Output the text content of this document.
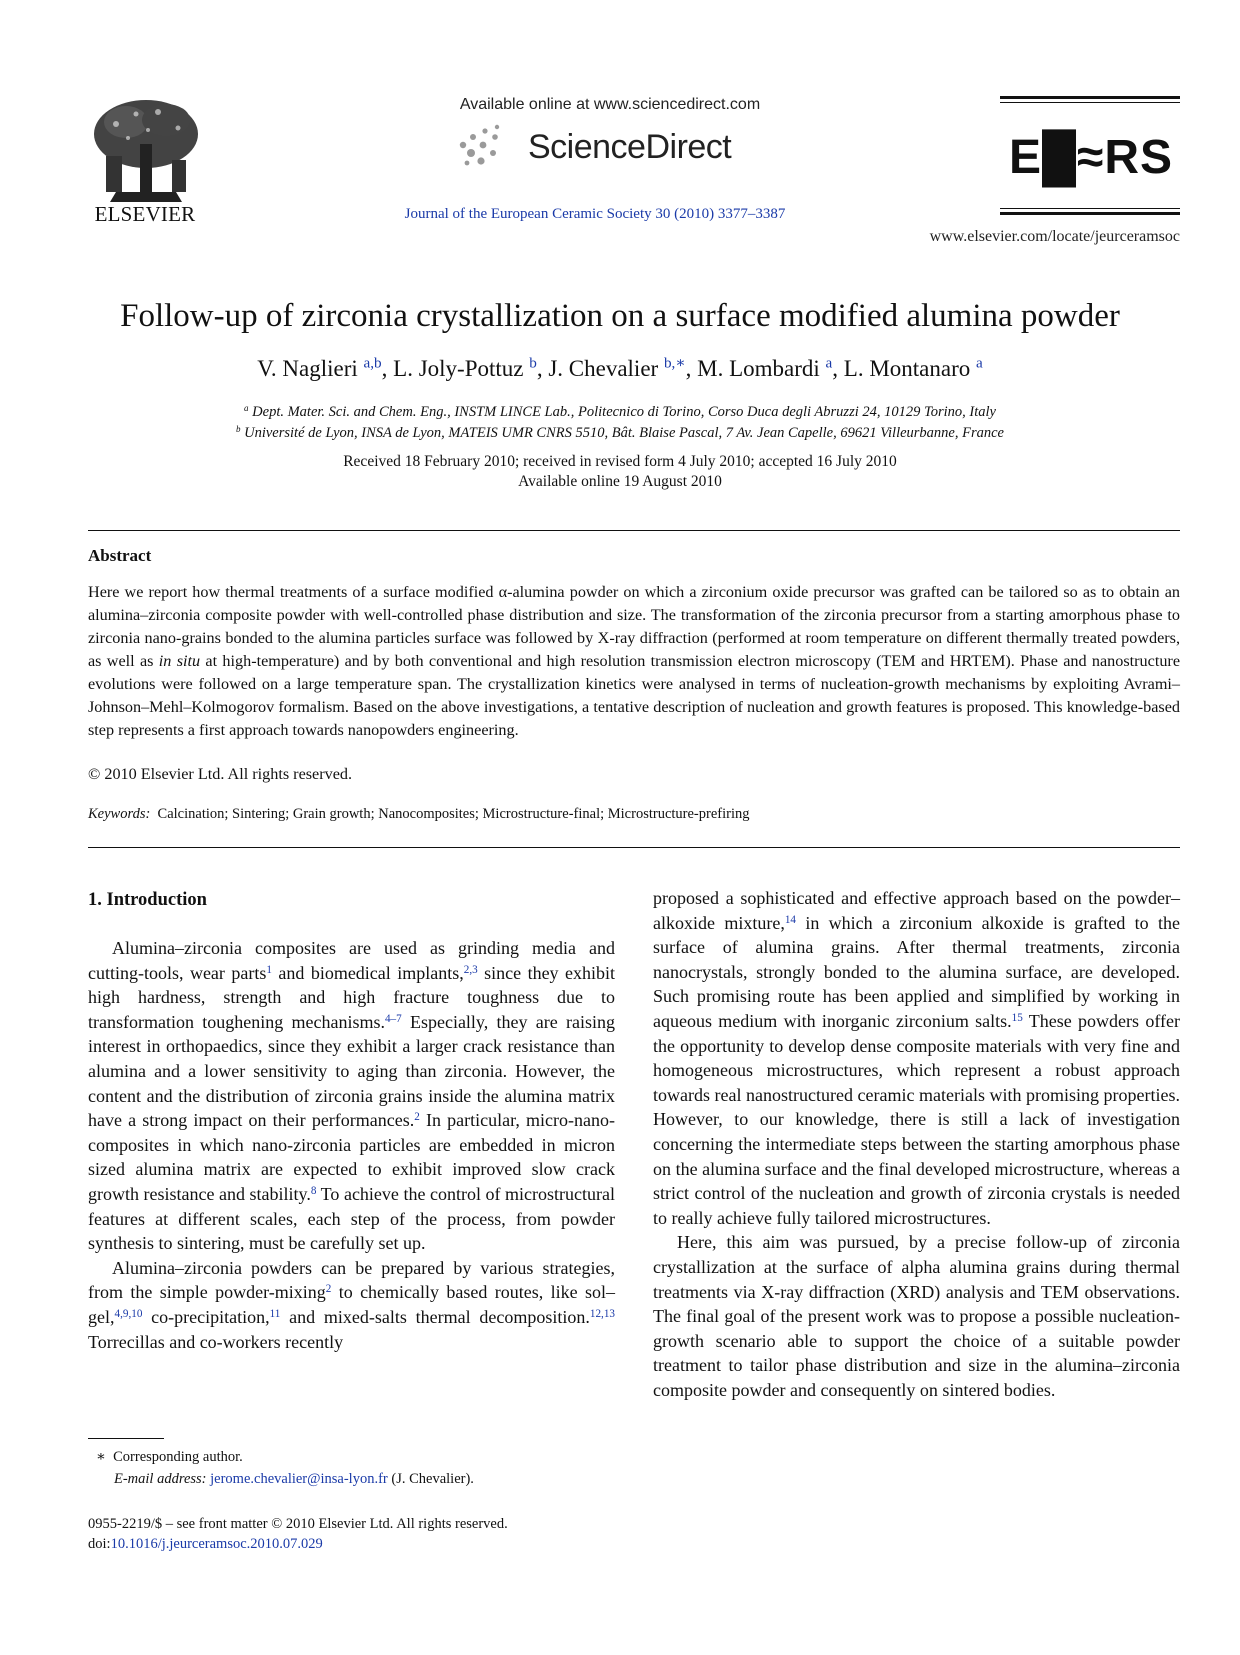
ELSEVIER
Available online at www.sciencedirect.com
ScienceDirect
Journal of the European Ceramic Society 30 (2010) 3377–3387
E█≈RS
www.elsevier.com/locate/jeurceramsoc
Follow-up of zirconia crystallization on a surface modified alumina powder
V. Naglieri $^{a,b}$, L. Joly-Pottuz $^b$, J. Chevalier $^{b,∗}$, M. Lombardi $^a$, L. Montanaro $^a$
$^a$ Dept. Mater. Sci. and Chem. Eng., INSTM LINCE Lab., Politecnico di Torino, Corso Duca degli Abruzzi 24, 10129 Torino, Italy
$^b$ Université de Lyon, INSA de Lyon, MATEIS UMR CNRS 5510, Bât. Blaise Pascal, 7 Av. Jean Capelle, 69621 Villeurbanne, France
Received 18 February 2010; received in revised form 4 July 2010; accepted 16 July 2010
Available online 19 August 2010
Abstract
Here we report how thermal treatments of a surface modified α-alumina powder on which a zirconium oxide precursor was grafted can be tailored so as to obtain an alumina–zirconia composite powder with well-controlled phase distribution and size. The transformation of the zirconia precursor from a starting amorphous phase to zirconia nano-grains bonded to the alumina particles surface was followed by X-ray diffraction (performed at room temperature on different thermally treated powders, as well as in situ at high-temperature) and by both conventional and high resolution transmission electron microscopy (TEM and HRTEM). Phase and nanostructure evolutions were followed on a large temperature span. The crystallization kinetics were analysed in terms of nucleation-growth mechanisms by exploiting Avrami–Johnson–Mehl–Kolmogorov formalism. Based on the above investigations, a tentative description of nucleation and growth features is proposed. This knowledge-based step represents a first approach towards nanopowders engineering.
© 2010 Elsevier Ltd. All rights reserved.
Keywords: Calcination; Sintering; Grain growth; Nanocomposites; Microstructure-final; Microstructure-prefiring
1. Introduction

Alumina–zirconia composites are used as grinding media and cutting-tools, wear parts$^1$ and biomedical implants,$^{2,3}$ since they exhibit high hardness, strength and high fracture toughness due to transformation toughening mechanisms.$^{4-7}$ Especially, they are raising interest in orthopaedics, since they exhibit a larger crack resistance than alumina and a lower sensitivity to aging than zirconia. However, the content and the distribution of zirconia grains inside the alumina matrix have a strong impact on their performances.$^2$ In particular, micro-nano-composites in which nano-zirconia particles are embedded in micron sized alumina matrix are expected to exhibit improved slow crack growth resistance and stability.$^8$ To achieve the control of microstructural features at different scales, each step of the process, from powder synthesis to sintering, must be carefully set up.

Alumina–zirconia powders can be prepared by various strategies, from the simple powder-mixing$^2$ to chemically based routes, like sol–gel,$^{4,9,10}$ co-precipitation,$^{11}$ and mixed-salts thermal decomposition.$^{12,13}$ Torrecillas and co-workers recently

proposed a sophisticated and effective approach based on the powder–alkoxide mixture,$^{14}$ in which a zirconium alkoxide is grafted to the surface of alumina grains. After thermal treatments, zirconia nanocrystals, strongly bonded to the alumina surface, are developed. Such promising route has been applied and simplified by working in aqueous medium with inorganic zirconium salts.$^{15}$ These powders offer the opportunity to develop dense composite materials with very fine and homogeneous microstructures, which represent a robust approach towards real nanostructured ceramic materials with promising properties. However, to our knowledge, there is still a lack of investigation concerning the intermediate steps between the starting amorphous phase on the alumina surface and the final developed microstructure, whereas a strict control of the nucleation and growth of zirconia crystals is needed to really achieve fully tailored microstructures.

Here, this aim was pursued, by a precise follow-up of zirconia crystallization at the surface of alpha alumina grains during thermal treatments via X-ray diffraction (XRD) analysis and TEM observations. The final goal of the present work was to propose a possible nucleation-growth scenario able to support the choice of a suitable powder treatment to tailor phase distribution and size in the alumina–zirconia composite powder and consequently on sintered bodies.

∗ Corresponding author.
E-mail address: jerome.chevalier@insa-lyon.fr (J. Chevalier).
0955-2219/$ – see front matter © 2010 Elsevier Ltd. All rights reserved.
doi:10.1016/j.jeurceramsoc.2010.07.029
